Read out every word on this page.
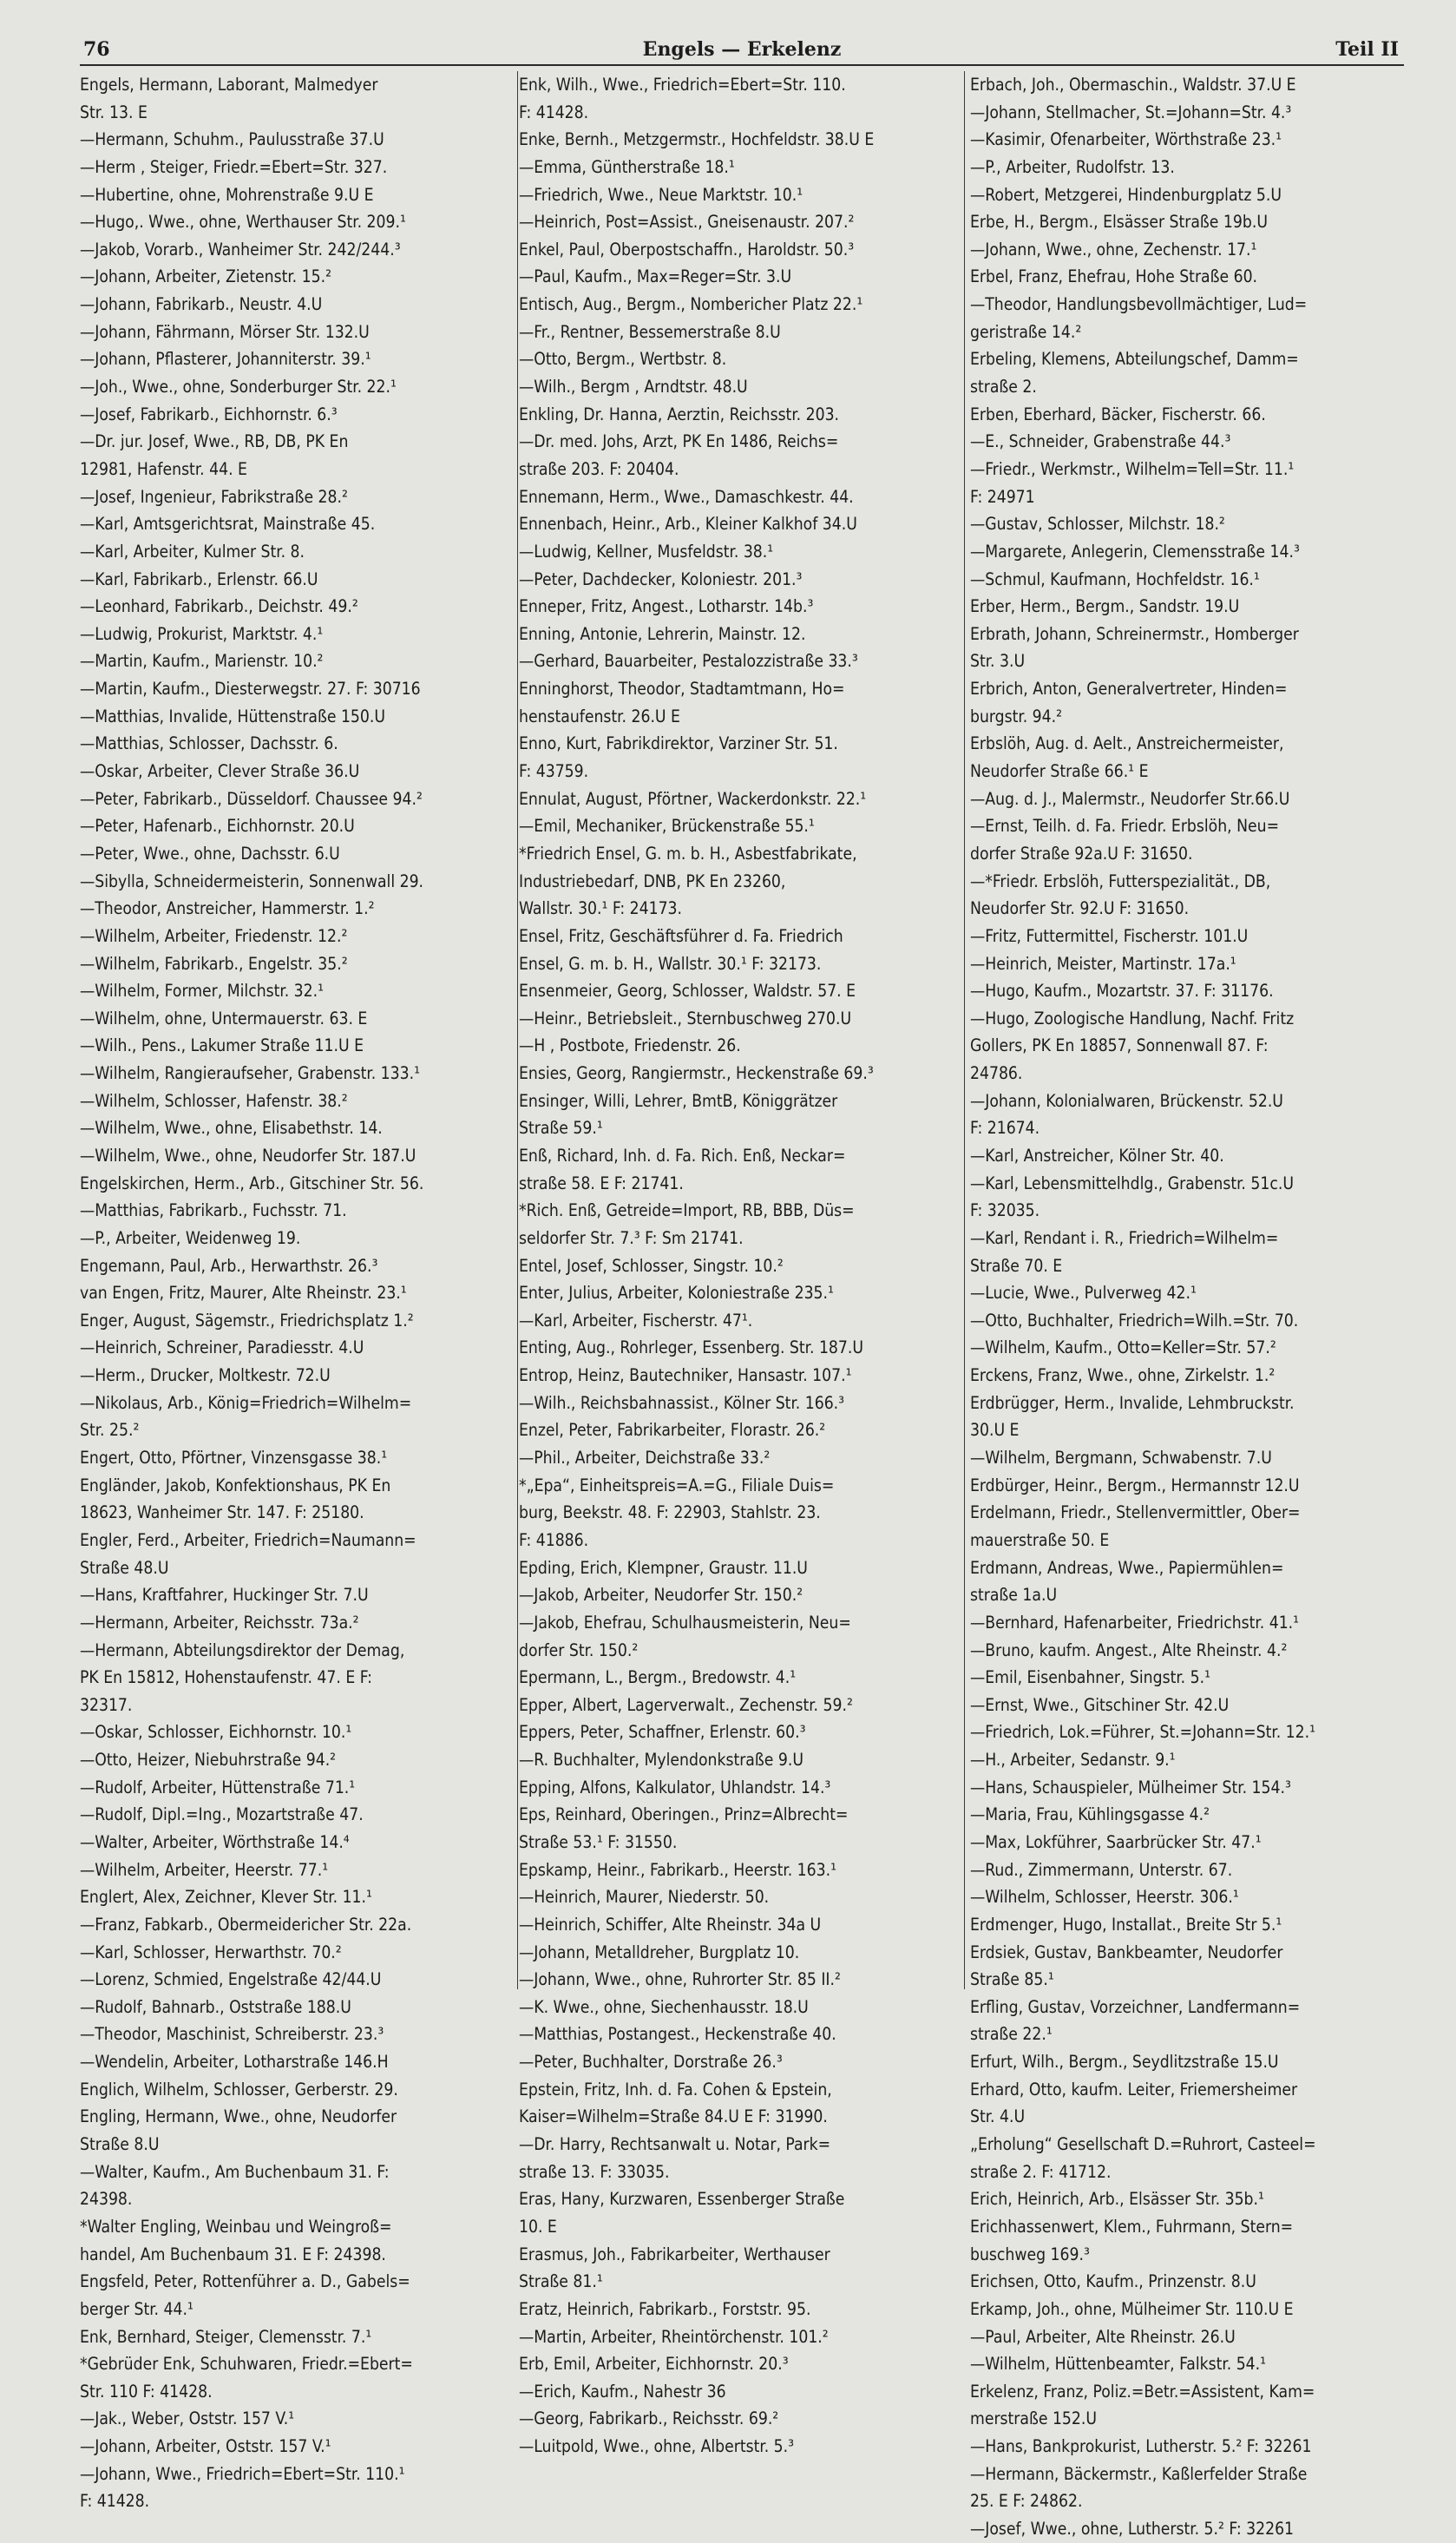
76	Engels — Erkelenz	Teil II
Engels, Hermann, Laborant, Malmedyer
Str. 13. E
—Hermann, Schuhm., Paulusstraße 37.U
—Herm , Steiger, Friedr.=Ebert=Str. 327.
—Hubertine, ohne, Mohrenstraße 9.U E
—Hugo,. Wwe., ohne, Werthauser Str. 209.¹
—Jakob, Vorarb., Wanheimer Str. 242/244.³
—Johann, Arbeiter, Zietenstr. 15.²
—Johann, Fabrikarb., Neustr. 4.U
—Johann, Fährmann, Mörser Str. 132.U
—Johann, Pflasterer, Johanniterstr. 39.¹
—Joh., Wwe., ohne, Sonderburger Str. 22.¹
—Josef, Fabrikarb., Eichhornstr. 6.³
—Dr. jur. Josef, Wwe., RB, DB, PK En
12981, Hafenstr. 44. E
—Josef, Ingenieur, Fabrikstraße 28.²
—Karl, Amtsgerichtsrat, Mainstraße 45.
—Karl, Arbeiter, Kulmer Str. 8.
—Karl, Fabrikarb., Erlenstr. 66.U
—Leonhard, Fabrikarb., Deichstr. 49.²
—Ludwig, Prokurist, Marktstr. 4.¹
—Martin, Kaufm., Marienstr. 10.²
—Martin, Kaufm., Diesterwegstr. 27. F: 30716
—Matthias, Invalide, Hüttenstraße 150.U
—Matthias, Schlosser, Dachsstr. 6.
—Oskar, Arbeiter, Clever Straße 36.U
—Peter, Fabrikarb., Düsseldorf. Chaussee 94.²
—Peter, Hafenarb., Eichhornstr. 20.U
—Peter, Wwe., ohne, Dachsstr. 6.U
—Sibylla, Schneidermeisterin, Sonnenwall 29.
—Theodor, Anstreicher, Hammerstr. 1.²
—Wilhelm, Arbeiter, Friedenstr. 12.²
—Wilhelm, Fabrikarb., Engelstr. 35.²
—Wilhelm, Former, Milchstr. 32.¹
—Wilhelm, ohne, Untermauerstr. 63. E
—Wilh., Pens., Lakumer Straße 11.U E
—Wilhelm, Rangieraufseher, Grabenstr. 133.¹
—Wilhelm, Schlosser, Hafenstr. 38.²
—Wilhelm, Wwe., ohne, Elisabethstr. 14.
—Wilhelm, Wwe., ohne, Neudorfer Str. 187.U
Engelskirchen, Herm., Arb., Gitschiner Str. 56.
—Matthias, Fabrikarb., Fuchsstr. 71.
—P., Arbeiter, Weidenweg 19.
Engemann, Paul, Arb., Herwarthstr. 26.³
van Engen, Fritz, Maurer, Alte Rheinstr. 23.¹
Enger, August, Sägemstr., Friedrichsplatz 1.²
—Heinrich, Schreiner, Paradiesstr. 4.U
—Herm., Drucker, Moltkestr. 72.U
—Nikolaus, Arb., König=Friedrich=Wilhelm=
Str. 25.²
Engert, Otto, Pförtner, Vinzensgasse 38.¹
Engländer, Jakob, Konfektionshaus, PK En
18623, Wanheimer Str. 147. F: 25180.
Engler, Ferd., Arbeiter, Friedrich=Naumann=
Straße 48.U
—Hans, Kraftfahrer, Huckinger Str. 7.U
—Hermann, Arbeiter, Reichsstr. 73a.²
—Hermann, Abteilungsdirektor der Demag,
PK En 15812, Hohenstaufenstr. 47. E F:
32317.
—Oskar, Schlosser, Eichhornstr. 10.¹
—Otto, Heizer, Niebuhrstraße 94.²
—Rudolf, Arbeiter, Hüttenstraße 71.¹
—Rudolf, Dipl.=Ing., Mozartstraße 47.
—Walter, Arbeiter, Wörthstraße 14.⁴
—Wilhelm, Arbeiter, Heerstr. 77.¹
Englert, Alex, Zeichner, Klever Str. 11.¹
—Franz, Fabkarb., Obermeidericher Str. 22a.
—Karl, Schlosser, Herwarthstr. 70.²
—Lorenz, Schmied, Engelstraße 42/44.U
—Rudolf, Bahnarb., Oststraße 188.U
—Theodor, Maschinist, Schreiberstr. 23.³
—Wendelin, Arbeiter, Lotharstraße 146.H
Englich, Wilhelm, Schlosser, Gerberstr. 29.
Engling, Hermann, Wwe., ohne, Neudorfer
Straße 8.U
—Walter, Kaufm., Am Buchenbaum 31. F:
24398.
*Walter Engling, Weinbau und Weingroß=
handel, Am Buchenbaum 31. E F: 24398.
Engsfeld, Peter, Rottenführer a. D., Gabels=
berger Str. 44.¹
Enk, Bernhard, Steiger, Clemensstr. 7.¹
*Gebrüder Enk, Schuhwaren, Friedr.=Ebert=
Str. 110 F: 41428.
—Jak., Weber, Oststr. 157 V.¹
—Johann, Arbeiter, Oststr. 157 V.¹
—Johann, Wwe., Friedrich=Ebert=Str. 110.¹
F: 41428.
Enk, Wilh., Wwe., Friedrich=Ebert=Str. 110.
F: 41428.
Enke, Bernh., Metzgermstr., Hochfeldstr. 38.U E
—Emma, Güntherstraße 18.¹
—Friedrich, Wwe., Neue Marktstr. 10.¹
—Heinrich, Post=Assist., Gneisenaustr. 207.²
Enkel, Paul, Oberpostschaffn., Haroldstr. 50.³
—Paul, Kaufm., Max=Reger=Str. 3.U
Entisch, Aug., Bergm., Nombericher Platz 22.¹
—Fr., Rentner, Bessemerstraße 8.U
—Otto, Bergm., Wertbstr. 8.
—Wilh., Bergm , Arndtstr. 48.U
Enkling, Dr. Hanna, Aerztin, Reichsstr. 203.
—Dr. med. Johs, Arzt, PK En 1486, Reichs=
straße 203. F: 20404.
Ennemann, Herm., Wwe., Damaschkestr. 44.
Ennenbach, Heinr., Arb., Kleiner Kalkhof 34.U
—Ludwig, Kellner, Musfeldstr. 38.¹
—Peter, Dachdecker, Koloniestr. 201.³
Enneper, Fritz, Angest., Lotharstr. 14b.³
Enning, Antonie, Lehrerin, Mainstr. 12.
—Gerhard, Bauarbeiter, Pestalozzistraße 33.³
Enninghorst, Theodor, Stadtamtmann, Ho=
henstaufenstr. 26.U E
Enno, Kurt, Fabrikdirektor, Varziner Str. 51.
F: 43759.
Ennulat, August, Pförtner, Wackerdonkstr. 22.¹
—Emil, Mechaniker, Brückenstraße 55.¹
*Friedrich Ensel, G. m. b. H., Asbestfabrikate,
Industriebedarf, DNB, PK En 23260,
Wallstr. 30.¹ F: 24173.
Ensel, Fritz, Geschäftsführer d. Fa. Friedrich
Ensel, G. m. b. H., Wallstr. 30.¹ F: 32173.
Ensenmeier, Georg, Schlosser, Waldstr. 57. E
—Heinr., Betriebsleit., Sternbuschweg 270.U
—H , Postbote, Friedenstr. 26.
Ensies, Georg, Rangiermstr., Heckenstraße 69.³
Ensinger, Willi, Lehrer, BmtB, Königgrätzer
Straße 59.¹
Enß, Richard, Inh. d. Fa. Rich. Enß, Neckar=
straße 58. E F: 21741.
*Rich. Enß, Getreide=Import, RB, BBB, Düs=
seldorfer Str. 7.³ F: Sm 21741.
Entel, Josef, Schlosser, Singstr. 10.²
Enter, Julius, Arbeiter, Koloniestraße 235.¹
—Karl, Arbeiter, Fischerstr. 47¹.
Enting, Aug., Rohrleger, Essenberg. Str. 187.U
Entrop, Heinz, Bautechniker, Hansastr. 107.¹
—Wilh., Reichsbahnassist., Kölner Str. 166.³
Enzel, Peter, Fabrikarbeiter, Florastr. 26.²
—Phil., Arbeiter, Deichstraße 33.²
*„Epa“, Einheitspreis=A.=G., Filiale Duis=
burg, Beekstr. 48. F: 22903, Stahlstr. 23.
F: 41886.
Epding, Erich, Klempner, Graustr. 11.U
—Jakob, Arbeiter, Neudorfer Str. 150.²
—Jakob, Ehefrau, Schulhausmeisterin, Neu=
dorfer Str. 150.²
Epermann, L., Bergm., Bredowstr. 4.¹
Epper, Albert, Lagerverwalt., Zechenstr. 59.²
Eppers, Peter, Schaffner, Erlenstr. 60.³
—R. Buchhalter, Mylendonkstraße 9.U
Epping, Alfons, Kalkulator, Uhlandstr. 14.³
Eps, Reinhard, Oberingen., Prinz=Albrecht=
Straße 53.¹ F: 31550.
Epskamp, Heinr., Fabrikarb., Heerstr. 163.¹
—Heinrich, Maurer, Niederstr. 50.
—Heinrich, Schiffer, Alte Rheinstr. 34a U
—Johann, Metalldreher, Burgplatz 10.
—Johann, Wwe., ohne, Ruhrorter Str. 85 II.²
—K. Wwe., ohne, Siechenhausstr. 18.U
—Matthias, Postangest., Heckenstraße 40.
—Peter, Buchhalter, Dorstraße 26.³
Epstein, Fritz, Inh. d. Fa. Cohen & Epstein,
Kaiser=Wilhelm=Straße 84.U E F: 31990.
—Dr. Harry, Rechtsanwalt u. Notar, Park=
straße 13. F: 33035.
Eras, Hany, Kurzwaren, Essenberger Straße
10. E
Erasmus, Joh., Fabrikarbeiter, Werthauser
Straße 81.¹
Eratz, Heinrich, Fabrikarb., Forststr. 95.
—Martin, Arbeiter, Rheintörchenstr. 101.²
Erb, Emil, Arbeiter, Eichhornstr. 20.³
—Erich, Kaufm., Nahestr 36
—Georg, Fabrikarb., Reichsstr. 69.²
—Luitpold, Wwe., ohne, Albertstr. 5.³
Erbach, Joh., Obermaschin., Waldstr. 37.U E
—Johann, Stellmacher, St.=Johann=Str. 4.³
—Kasimir, Ofenarbeiter, Wörthstraße 23.¹
—P., Arbeiter, Rudolfstr. 13.
—Robert, Metzgerei, Hindenburgplatz 5.U
Erbe, H., Bergm., Elsässer Straße 19b.U
—Johann, Wwe., ohne, Zechenstr. 17.¹
Erbel, Franz, Ehefrau, Hohe Straße 60.
—Theodor, Handlungsbevollmächtiger, Lud=
geristraße 14.²
Erbeling, Klemens, Abteilungschef, Damm=
straße 2.
Erben, Eberhard, Bäcker, Fischerstr. 66.
—E., Schneider, Grabenstraße 44.³
—Friedr., Werkmstr., Wilhelm=Tell=Str. 11.¹
F: 24971
—Gustav, Schlosser, Milchstr. 18.²
—Margarete, Anlegerin, Clemensstraße 14.³
—Schmul, Kaufmann, Hochfeldstr. 16.¹
Erber, Herm., Bergm., Sandstr. 19.U
Erbrath, Johann, Schreinermstr., Homberger
Str. 3.U
Erbrich, Anton, Generalvertreter, Hinden=
burgstr. 94.²
Erbslöh, Aug. d. Aelt., Anstreichermeister,
Neudorfer Straße 66.¹ E
—Aug. d. J., Malermstr., Neudorfer Str.66.U
—Ernst, Teilh. d. Fa. Friedr. Erbslöh, Neu=
dorfer Straße 92a.U F: 31650.
—*Friedr. Erbslöh, Futterspezialität., DB,
Neudorfer Str. 92.U F: 31650.
—Fritz, Futtermittel, Fischerstr. 101.U
—Heinrich, Meister, Martinstr. 17a.¹
—Hugo, Kaufm., Mozartstr. 37. F: 31176.
—Hugo, Zoologische Handlung, Nachf. Fritz
Gollers, PK En 18857, Sonnenwall 87. F:
24786.
—Johann, Kolonialwaren, Brückenstr. 52.U
F: 21674.
—Karl, Anstreicher, Kölner Str. 40.
—Karl, Lebensmittelhdlg., Grabenstr. 51c.U
F: 32035.
—Karl, Rendant i. R., Friedrich=Wilhelm=
Straße 70. E
—Lucie, Wwe., Pulverweg 42.¹
—Otto, Buchhalter, Friedrich=Wilh.=Str. 70.
—Wilhelm, Kaufm., Otto=Keller=Str. 57.²
Erckens, Franz, Wwe., ohne, Zirkelstr. 1.²
Erdbrügger, Herm., Invalide, Lehmbruckstr.
30.U E
—Wilhelm, Bergmann, Schwabenstr. 7.U
Erdbürger, Heinr., Bergm., Hermannstr 12.U
Erdelmann, Friedr., Stellenvermittler, Ober=
mauerstraße 50. E
Erdmann, Andreas, Wwe., Papiermühlen=
straße 1a.U
—Bernhard, Hafenarbeiter, Friedrichstr. 41.¹
—Bruno, kaufm. Angest., Alte Rheinstr. 4.²
—Emil, Eisenbahner, Singstr. 5.¹
—Ernst, Wwe., Gitschiner Str. 42.U
—Friedrich, Lok.=Führer, St.=Johann=Str. 12.¹
—H., Arbeiter, Sedanstr. 9.¹
—Hans, Schauspieler, Mülheimer Str. 154.³
—Maria, Frau, Kühlingsgasse 4.²
—Max, Lokführer, Saarbrücker Str. 47.¹
—Rud., Zimmermann, Unterstr. 67.
—Wilhelm, Schlosser, Heerstr. 306.¹
Erdmenger, Hugo, Installat., Breite Str 5.¹
Erdsiek, Gustav, Bankbeamter, Neudorfer
Straße 85.¹
Erfling, Gustav, Vorzeichner, Landfermann=
straße 22.¹
Erfurt, Wilh., Bergm., Seydlitzstraße 15.U
Erhard, Otto, kaufm. Leiter, Friemersheimer
Str. 4.U
„Erholung“ Gesellschaft D.=Ruhrort, Casteel=
straße 2. F: 41712.
Erich, Heinrich, Arb., Elsässer Str. 35b.¹
Erichhassenwert, Klem., Fuhrmann, Stern=
buschweg 169.³
Erichsen, Otto, Kaufm., Prinzenstr. 8.U
Erkamp, Joh., ohne, Mülheimer Str. 110.U E
—Paul, Arbeiter, Alte Rheinstr. 26.U
—Wilhelm, Hüttenbeamter, Falkstr. 54.¹
Erkelenz, Franz, Poliz.=Betr.=Assistent, Kam=
merstraße 152.U
—Hans, Bankprokurist, Lutherstr. 5.² F: 32261
—Hermann, Bäckermstr., Kaßlerfelder Straße
25. E F: 24862.
—Josef, Wwe., ohne, Lutherstr. 5.² F: 32261
